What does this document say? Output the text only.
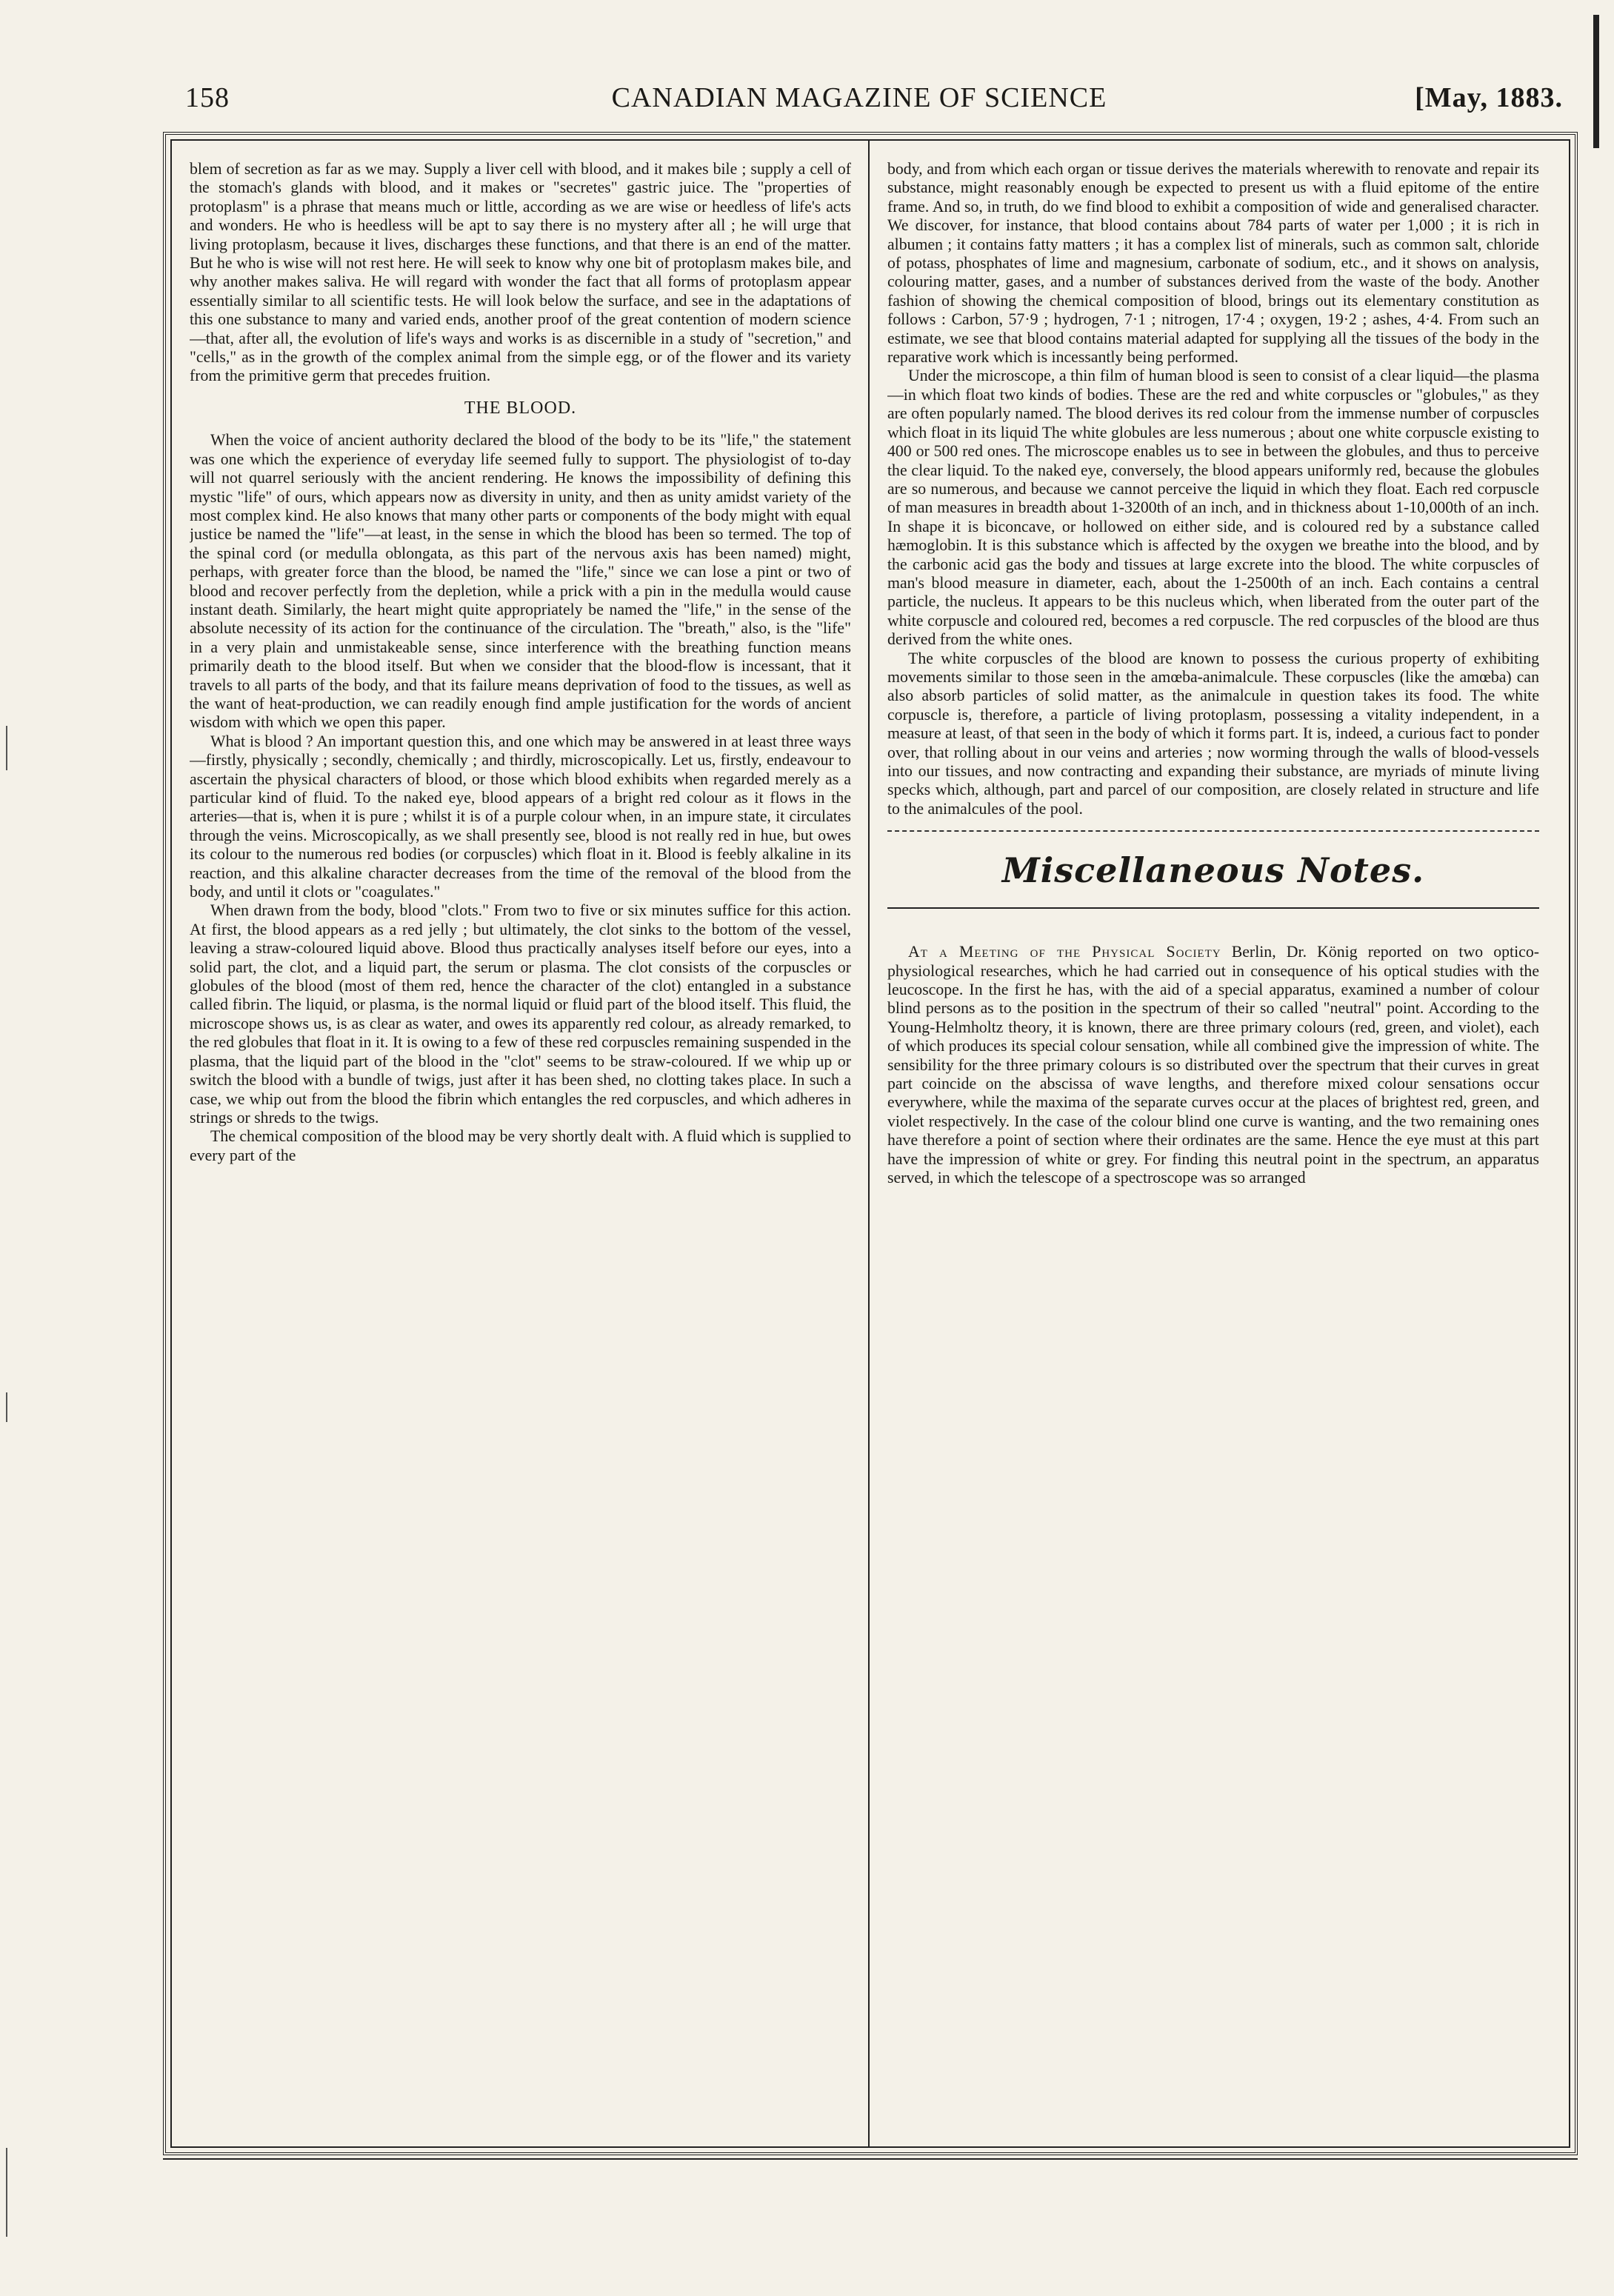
158	CANADIAN MAGAZINE OF SCIENCE	[May, 1883.

blem of secretion as far as we may. Supply a liver cell with blood, and it makes bile ; supply a cell of the stomach's glands with blood, and it makes or "secretes" gastric juice. The "properties of protoplasm" is a phrase that means much or little, according as we are wise or heedless of life's acts and wonders. He who is heedless will be apt to say there is no mystery after all ; he will urge that living protoplasm, because it lives, discharges these functions, and that there is an end of the matter. But he who is wise will not rest here. He will seek to know why one bit of protoplasm makes bile, and why another makes saliva. He will regard with wonder the fact that all forms of protoplasm appear essentially similar to all scientific tests. He will look below the surface, and see in the adaptations of this one substance to many and varied ends, another proof of the great contention of modern science—that, after all, the evolution of life's ways and works is as discernible in a study of "secretion," and "cells," as in the growth of the complex animal from the simple egg, or of the flower and its variety from the primitive germ that precedes fruition.

THE BLOOD.

When the voice of ancient authority declared the blood of the body to be its "life," the statement was one which the experience of everyday life seemed fully to support. The physiologist of to-day will not quarrel seriously with the ancient rendering. He knows the impossibility of defining this mystic "life" of ours, which appears now as diversity in unity, and then as unity amidst variety of the most complex kind. He also knows that many other parts or components of the body might with equal justice be named the "life"—at least, in the sense in which the blood has been so termed. The top of the spinal cord (or medulla oblongata, as this part of the nervous axis has been named) might, perhaps, with greater force than the blood, be named the "life," since we can lose a pint or two of blood and recover perfectly from the depletion, while a prick with a pin in the medulla would cause instant death. Similarly, the heart might quite appropriately be named the "life," in the sense of the absolute necessity of its action for the continuance of the circulation. The "breath," also, is the "life" in a very plain and unmistakeable sense, since interference with the breathing function means primarily death to the blood itself. But when we consider that the blood-flow is incessant, that it travels to all parts of the body, and that its failure means deprivation of food to the tissues, as well as the want of heat-production, we can readily enough find ample justification for the words of ancient wisdom with which we open this paper.

What is blood ? An important question this, and one which may be answered in at least three ways—firstly, physically ; secondly, chemically ; and thirdly, microscopically. Let us, firstly, endeavour to ascertain the physical characters of blood, or those which blood exhibits when regarded merely as a particular kind of fluid. To the naked eye, blood appears of a bright red colour as it flows in the arteries—that is, when it is pure ; whilst it is of a purple colour when, in an impure state, it circulates through the veins. Microscopically, as we shall presently see, blood is not really red in hue, but owes its colour to the numerous red bodies (or corpuscles) which float in it. Blood is feebly alkaline in its reaction, and this alkaline character decreases from the time of the removal of the blood from the body, and until it clots or "coagulates."

When drawn from the body, blood "clots." From two to five or six minutes suffice for this action. At first, the blood appears as a red jelly ; but ultimately, the clot sinks to the bottom of the vessel, leaving a straw-coloured liquid above. Blood thus practically analyses itself before our eyes, into a solid part, the clot, and a liquid part, the serum or plasma. The clot consists of the corpuscles or globules of the blood (most of them red, hence the character of the clot) entangled in a substance called fibrin. The liquid, or plasma, is the normal liquid or fluid part of the blood itself. This fluid, the microscope shows us, is as clear as water, and owes its apparently red colour, as already remarked, to the red globules that float in it. It is owing to a few of these red corpuscles remaining suspended in the plasma, that the liquid part of the blood in the "clot" seems to be straw-coloured. If we whip up or switch the blood with a bundle of twigs, just after it has been shed, no clotting takes place. In such a case, we whip out from the blood the fibrin which entangles the red corpuscles, and which adheres in strings or shreds to the twigs.

The chemical composition of the blood may be very shortly dealt with. A fluid which is supplied to every part of the

body, and from which each organ or tissue derives the materials wherewith to renovate and repair its substance, might reasonably enough be expected to present us with a fluid epitome of the entire frame. And so, in truth, do we find blood to exhibit a composition of wide and generalised character. We discover, for instance, that blood contains about 784 parts of water per 1,000 ; it is rich in albumen ; it contains fatty matters ; it has a complex list of minerals, such as common salt, chloride of potass, phosphates of lime and magnesium, carbonate of sodium, etc., and it shows on analysis, colouring matter, gases, and a number of substances derived from the waste of the body. Another fashion of showing the chemical composition of blood, brings out its elementary constitution as follows : Carbon, 57·9 ; hydrogen, 7·1 ; nitrogen, 17·4 ; oxygen, 19·2 ; ashes, 4·4. From such an estimate, we see that blood contains material adapted for supplying all the tissues of the body in the reparative work which is incessantly being performed.

Under the microscope, a thin film of human blood is seen to consist of a clear liquid—the plasma—in which float two kinds of bodies. These are the red and white corpuscles or "globules," as they are often popularly named. The blood derives its red colour from the immense number of corpuscles which float in its liquid The white globules are less numerous ; about one white corpuscle existing to 400 or 500 red ones. The microscope enables us to see in between the globules, and thus to perceive the clear liquid. To the naked eye, conversely, the blood appears uniformly red, because the globules are so numerous, and because we cannot perceive the liquid in which they float. Each red corpuscle of man measures in breadth about 1-3200th of an inch, and in thickness about 1-10,000th of an inch. In shape it is biconcave, or hollowed on either side, and is coloured red by a substance called hæmoglobin. It is this substance which is affected by the oxygen we breathe into the blood, and by the carbonic acid gas the body and tissues at large excrete into the blood. The white corpuscles of man's blood measure in diameter, each, about the 1-2500th of an inch. Each contains a central particle, the nucleus. It appears to be this nucleus which, when liberated from the outer part of the white corpuscle and coloured red, becomes a red corpuscle. The red corpuscles of the blood are thus derived from the white ones.

The white corpuscles of the blood are known to possess the curious property of exhibiting movements similar to those seen in the amœba-animalcule. These corpuscles (like the amœba) can also absorb particles of solid matter, as the animalcule in question takes its food. The white corpuscle is, therefore, a particle of living protoplasm, possessing a vitality independent, in a measure at least, of that seen in the body of which it forms part. It is, indeed, a curious fact to ponder over, that rolling about in our veins and arteries ; now worming through the walls of blood-vessels into our tissues, and now contracting and expanding their substance, are myriads of minute living specks which, although, part and parcel of our composition, are closely related in structure and life to the animalcules of the pool.

Miscellaneous Notes.

At a Meeting of the Physical Society Berlin, Dr. König reported on two optico-physiological researches, which he had carried out in consequence of his optical studies with the leucoscope. In the first he has, with the aid of a special apparatus, examined a number of colour blind persons as to the position in the spectrum of their so called "neutral" point. According to the Young-Helmholtz theory, it is known, there are three primary colours (red, green, and violet), each of which produces its special colour sensation, while all combined give the impression of white. The sensibility for the three primary colours is so distributed over the spectrum that their curves in great part coincide on the abscissa of wave lengths, and therefore mixed colour sensations occur everywhere, while the maxima of the separate curves occur at the places of brightest red, green, and violet respectively. In the case of the colour blind one curve is wanting, and the two remaining ones have therefore a point of section where their ordinates are the same. Hence the eye must at this part have the impression of white or grey. For finding this neutral point in the spectrum, an apparatus served, in which the telescope of a spectroscope was so arranged
